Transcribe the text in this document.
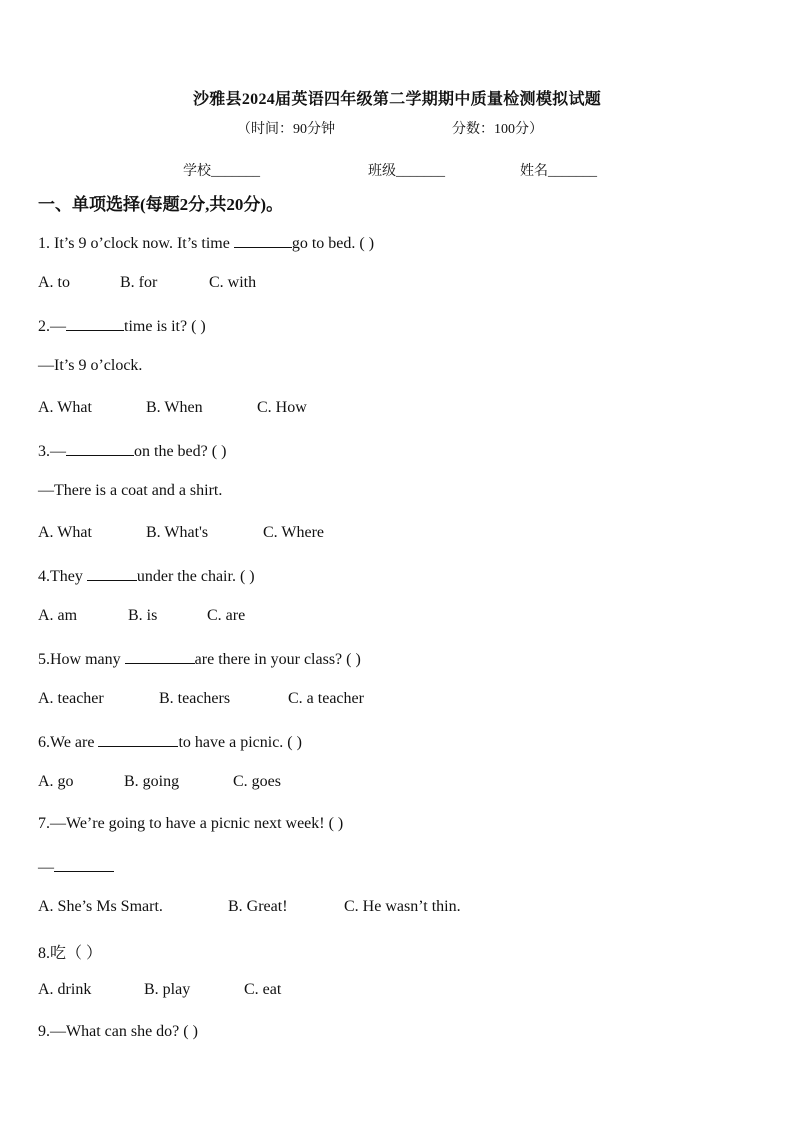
沙雅县2024届英语四年级第二学期期中质量检测模拟试题
（时间：90分钟	分数：100分）
学校_______	班级_______	姓名_______
一、单项选择(每题2分,共20分)。
1. It’s 9 o’clock now. It’s time	go to bed. ( )
A. to	B. for	C. with
2.—	time is it? ( )
—It’s 9 o’clock.
A. What	B. When	C. How
3.—	on the bed? ( )
—There is a coat and a shirt.
A. What	B. What's	C. Where
4.They	under the chair. ( )
A. am	B. is	C. are
5.How many	are there in your class? ( )
A. teacher	B. teachers	C. a teacher
6.We are	to have a picnic. ( )
A. go	B. going	C. goes
7.—We’re going to have a picnic next week! ( )
—
A. She’s Ms Smart.	B. Great!	C. He wasn’t thin.
8.吃（ ）
A. drink	B. play	C. eat
9.—What can she do? ( )
